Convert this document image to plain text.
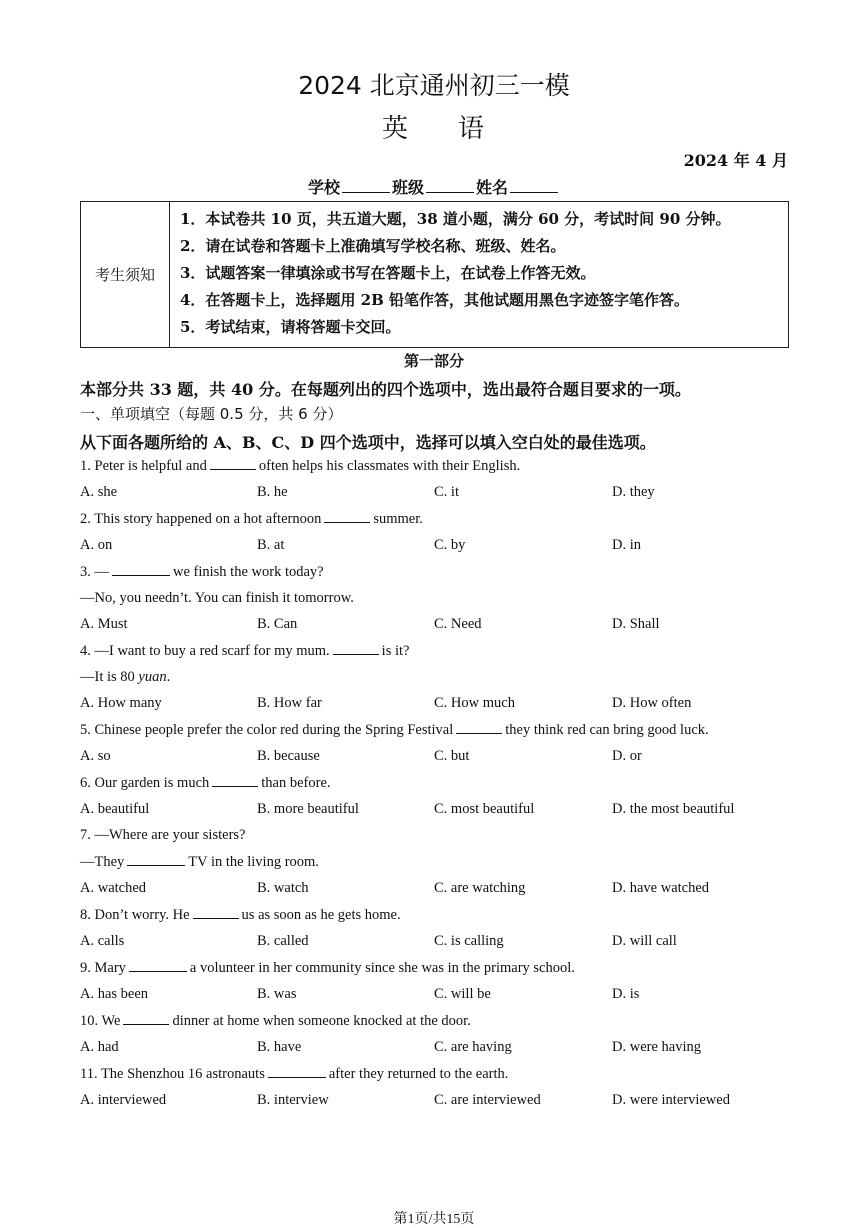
2024 北京通州初三一模
英 语
2024 年 4 月
学校	班级	姓名
考生须知
1．本试卷共 10 页，共五道大题，38 道小题，满分 60 分，考试时间 90 分钟。
2．请在试卷和答题卡上准确填写学校名称、班级、姓名。
3．试题答案一律填涂或书写在答题卡上，在试卷上作答无效。
4．在答题卡上，选择题用 2B 铅笔作答，其他试题用黑色字迹签字笔作答。
5．考试结束，请将答题卡交回。
第一部分
本部分共 33 题，共 40 分。在每题列出的四个选项中，选出最符合题目要求的一项。
一、单项填空（每题 0.5 分，共 6 分）
从下面各题所给的 A、B、C、D 四个选项中，选择可以填入空白处的最佳选项。
1. Peter is helpful and	often helps his classmates with their English.
A. she	B. he	C. it	D. they
2. This story happened on a hot afternoon	summer.
A. on	B. at	C. by	D. in
3. —	we finish the work today?
—No, you needn’t. You can finish it tomorrow.
A. Must	B. Can	C. Need	D. Shall
4. —I want to buy a red scarf for my mum.	is it?
—It is 80 yuan.
A. How many	B. How far	C. How much	D. How often
5. Chinese people prefer the color red during the Spring Festival	they think red can bring good luck.
A. so	B. because	C. but	D. or
6. Our garden is much	than before.
A. beautiful	B. more beautiful	C. most beautiful	D. the most beautiful
7. —Where are your sisters?
—They	TV in the living room.
A. watched	B. watch	C. are watching	D. have watched
8. Don’t worry. He	us as soon as he gets home.
A. calls	B. called	C. is calling	D. will call
9. Mary	a volunteer in her community since she was in the primary school.
A. has been	B. was	C. will be	D. is
10. We	dinner at home when someone knocked at the door.
A. had	B. have	C. are having	D. were having
11. The Shenzhou 16 astronauts	after they returned to the earth.
A. interviewed	B. interview	C. are interviewed	D. were interviewed
第1页/共15页
